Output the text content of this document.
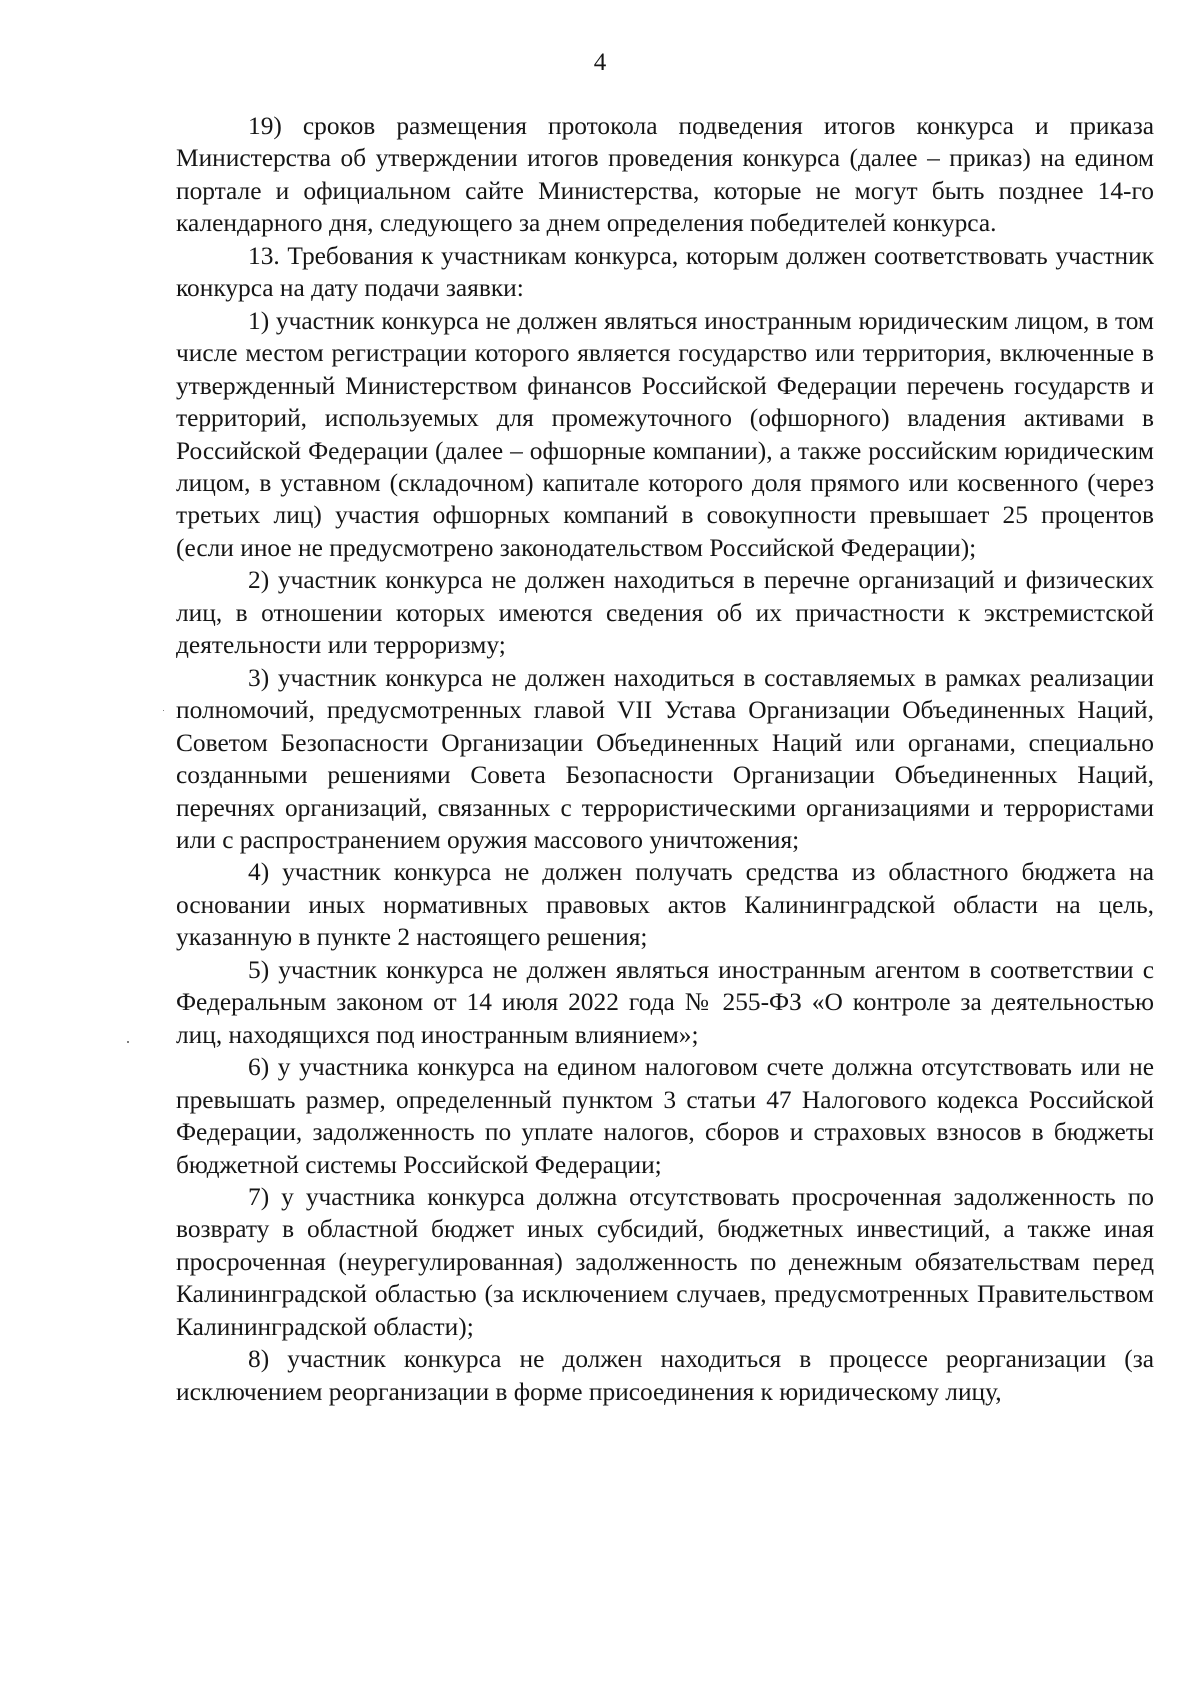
4

19) сроков размещения протокола подведения итогов конкурса и приказа Министерства об утверждении итогов проведения конкурса (далее – приказ) на едином портале и официальном сайте Министерства, которые не могут быть позднее 14-го календарного дня, следующего за днем определения победителей конкурса.

13. Требования к участникам конкурса, которым должен соответствовать участник конкурса на дату подачи заявки:

1) участник конкурса не должен являться иностранным юридическим лицом, в том числе местом регистрации которого является государство или территория, включенные в утвержденный Министерством финансов Российской Федерации перечень государств и территорий, используемых для промежуточного (офшорного) владения активами в Российской Федерации (далее – офшорные компании), а также российским юридическим лицом, в уставном (складочном) капитале которого доля прямого или косвенного (через третьих лиц) участия офшорных компаний в совокупности превышает 25 процентов (если иное не предусмотрено законодательством Российской Федерации);

2) участник конкурса не должен находиться в перечне организаций и физических лиц, в отношении которых имеются сведения об их причастности к экстремистской деятельности или терроризму;

3) участник конкурса не должен находиться в составляемых в рамках реализации полномочий, предусмотренных главой VII Устава Организации Объединенных Наций, Советом Безопасности Организации Объединенных Наций или органами, специально созданными решениями Совета Безопасности Организации Объединенных Наций, перечнях организаций, связанных с террористическими организациями и террористами или с распространением оружия массового уничтожения;

4) участник конкурса не должен получать средства из областного бюджета на основании иных нормативных правовых актов Калининградской области на цель, указанную в пункте 2 настоящего решения;

5) участник конкурса не должен являться иностранным агентом в соответствии с Федеральным законом от 14 июля 2022 года № 255-ФЗ «О контроле за деятельностью лиц, находящихся под иностранным влиянием»;

6) у участника конкурса на едином налоговом счете должна отсутствовать или не превышать размер, определенный пунктом 3 статьи 47 Налогового кодекса Российской Федерации, задолженность по уплате налогов, сборов и страховых взносов в бюджеты бюджетной системы Российской Федерации;

7) у участника конкурса должна отсутствовать просроченная задолженность по возврату в областной бюджет иных субсидий, бюджетных инвестиций, а также иная просроченная (неурегулированная) задолженность по денежным обязательствам перед Калининградской областью (за исключением случаев, предусмотренных Правительством Калининградской области);

8) участник конкурса не должен находиться в процессе реорганизации (за исключением реорганизации в форме присоединения к юридическому лицу,
